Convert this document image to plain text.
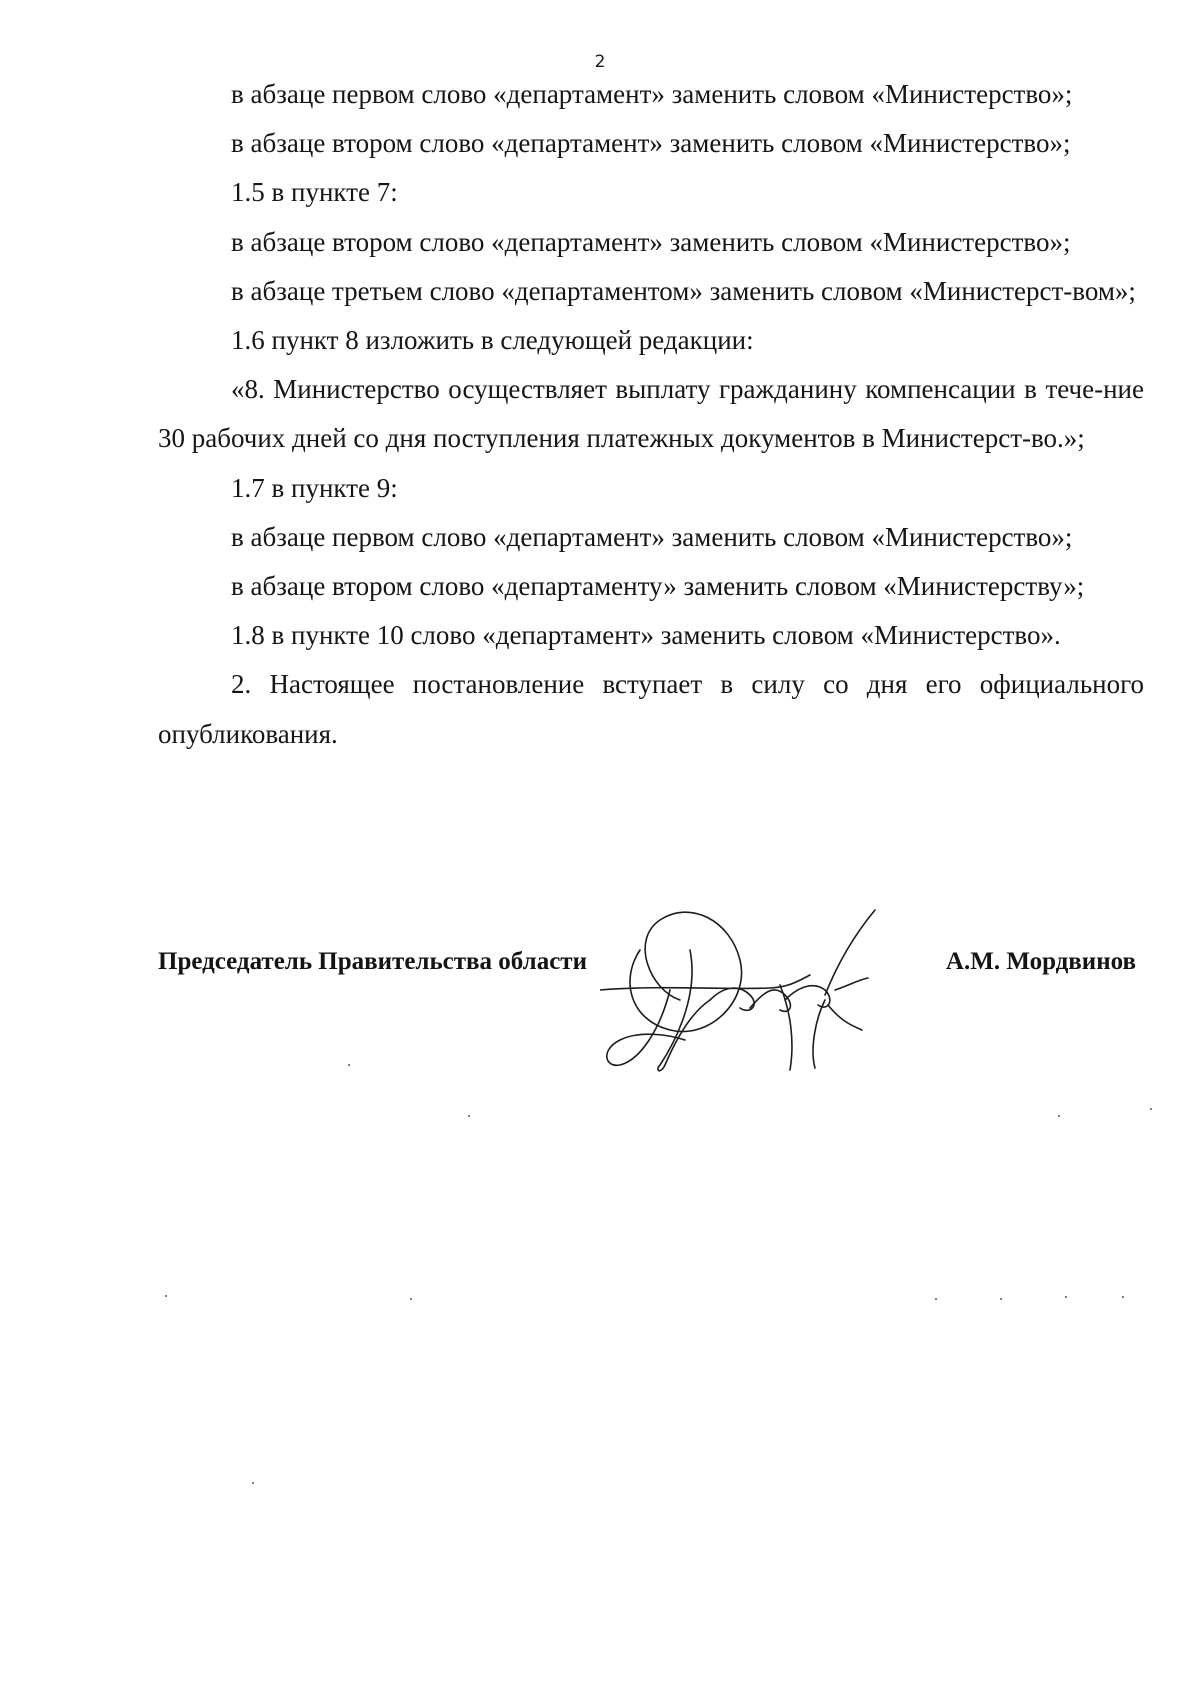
2

в абзаце первом слово «департамент» заменить словом «Министерство»;

в абзаце втором слово «департамент» заменить словом «Министерство»;

1.5 в пункте 7:

в абзаце втором слово «департамент» заменить словом «Министерство»;

в абзаце третьем слово «департаментом» заменить словом «Министерст-вом»;

1.6 пункт 8 изложить в следующей редакции:

«8. Министерство осуществляет выплату гражданину компенсации в тече-ние 30 рабочих дней со дня поступления платежных документов в Министерст-во.»;

1.7 в пункте 9:

в абзаце первом слово «департамент» заменить словом «Министерство»;

в абзаце втором слово «департаменту» заменить словом «Министерству»;

1.8 в пункте 10 слово «департамент» заменить словом «Министерство».

2. Настоящее постановление вступает в силу со дня его официального опубликования.

Председатель Правительства области	А.М. Мордвинов
